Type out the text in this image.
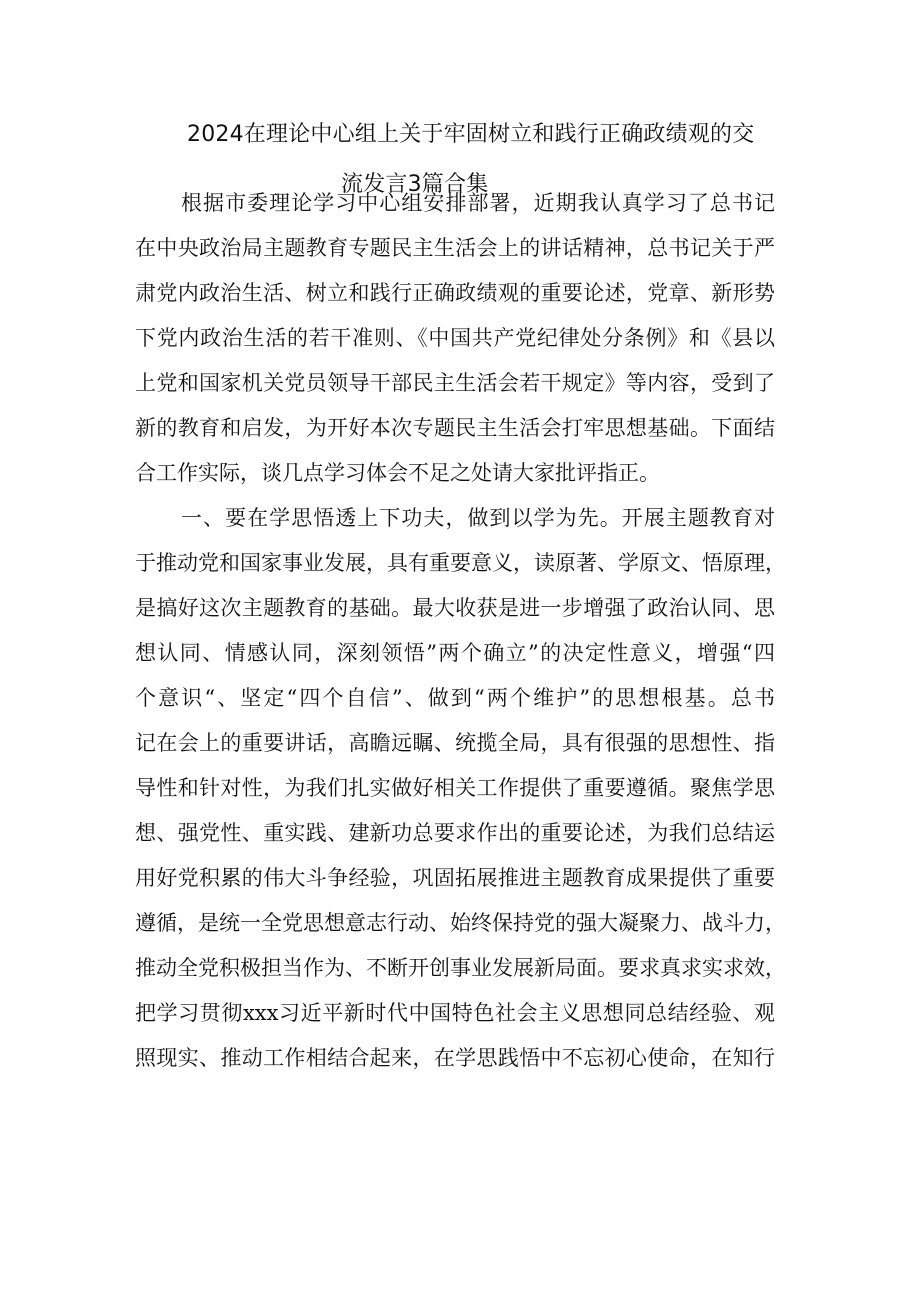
2024在理论中心组上关于牢固树立和践行正确政绩观的交
流发言3篇合集
根据市委理论学习中心组安排部署，近期我认真学习了总书记
在中央政治局主题教育专题民主生活会上的讲话精神，总书记关于严
肃党内政治生活、树立和践行正确政绩观的重要论述，党章、新形势
下党内政治生活的若干准则、《中国共产党纪律处分条例》和《县以
上党和国家机关党员领导干部民主生活会若干规定》等内容，受到了
新的教育和启发，为开好本次专题民主生活会打牢思想基础。下面结
合工作实际，谈几点学习体会不足之处请大家批评指正。
一、要在学思悟透上下功夫，做到以学为先。开展主题教育对
于推动党和国家事业发展，具有重要意义，读原著、学原文、悟原理，
是搞好这次主题教育的基础。最大收获是进一步增强了政治认同、思
想认同、情感认同，深刻领悟”两个确立”的决定性意义，增强“四
个意识“、坚定“四个自信”、做到“两个维护”的思想根基。总书
记在会上的重要讲话，高瞻远瞩、统揽全局，具有很强的思想性、指
导性和针对性，为我们扎实做好相关工作提供了重要遵循。聚焦学思
想、强党性、重实践、建新功总要求作出的重要论述，为我们总结运
用好党积累的伟大斗争经验，巩固拓展推进主题教育成果提供了重要
遵循，是统一全党思想意志行动、始终保持党的强大凝聚力、战斗力，
推动全党积极担当作为、不断开创事业发展新局面。要求真求实求效，
把学习贯彻xxx习近平新时代中国特色社会主义思想同总结经验、观
照现实、推动工作相结合起来，在学思践悟中不忘初心使命，在知行
